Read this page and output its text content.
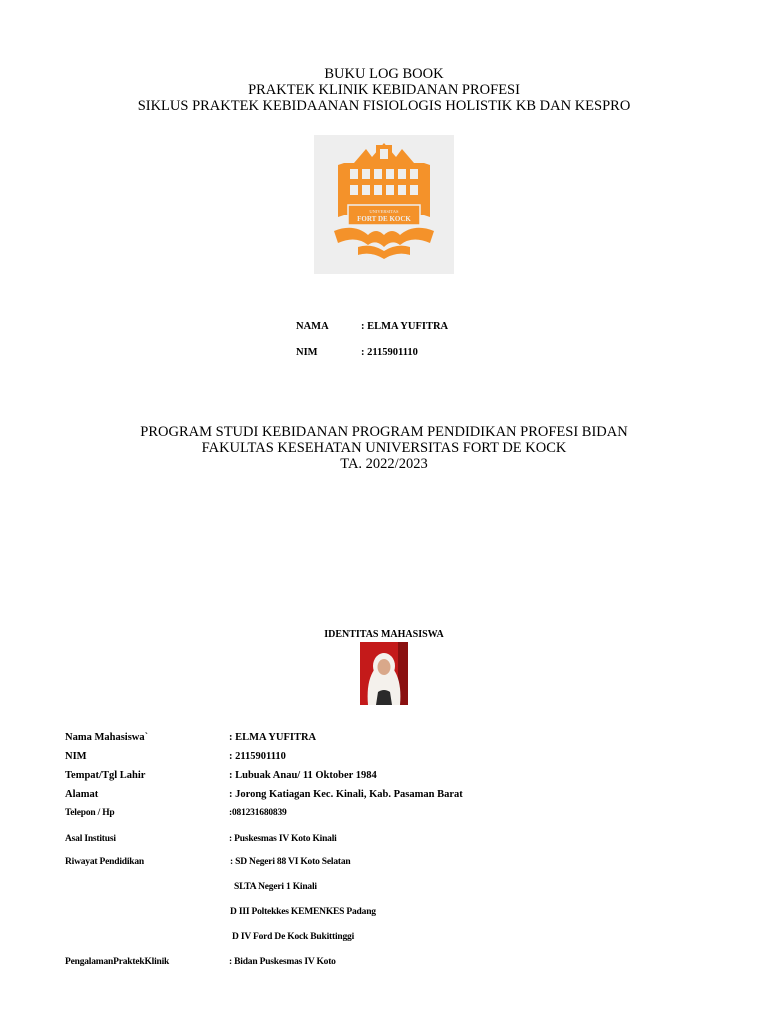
BUKU LOG BOOK
PRAKTEK KLINIK KEBIDANAN PROFESI
SIKLUS PRAKTEK KEBIDAANAN FISIOLOGIS HOLISTIK KB DAN KESPRO
UNIVERSITAS
FORT DE KOCK
NAMA	: ELMA YUFITRA
NIM	: 2115901110
PROGRAM STUDI KEBIDANAN PROGRAM PENDIDIKAN PROFESI BIDAN
FAKULTAS KESEHATAN UNIVERSITAS FORT DE KOCK
TA. 2022/2023
IDENTITAS MAHASISWA
Nama Mahasiswa`	: ELMA YUFITRA
NIM	: 2115901110
Tempat/Tgl Lahir	: Lubuak Anau/ 11 Oktober 1984
Alamat	: Jorong Katiagan Kec. Kinali, Kab. Pasaman Barat
Telepon / Hp	:081231680839
Asal Institusi	: Puskesmas IV Koto Kinali
Riwayat Pendidikan	: SD Negeri 88 VI Koto Selatan
SLTA Negeri 1 Kinali
D III Poltekkes KEMENKES Padang
D IV Ford De Kock Bukittinggi
PengalamanPraktekKlinik	: Bidan Puskesmas IV Koto
